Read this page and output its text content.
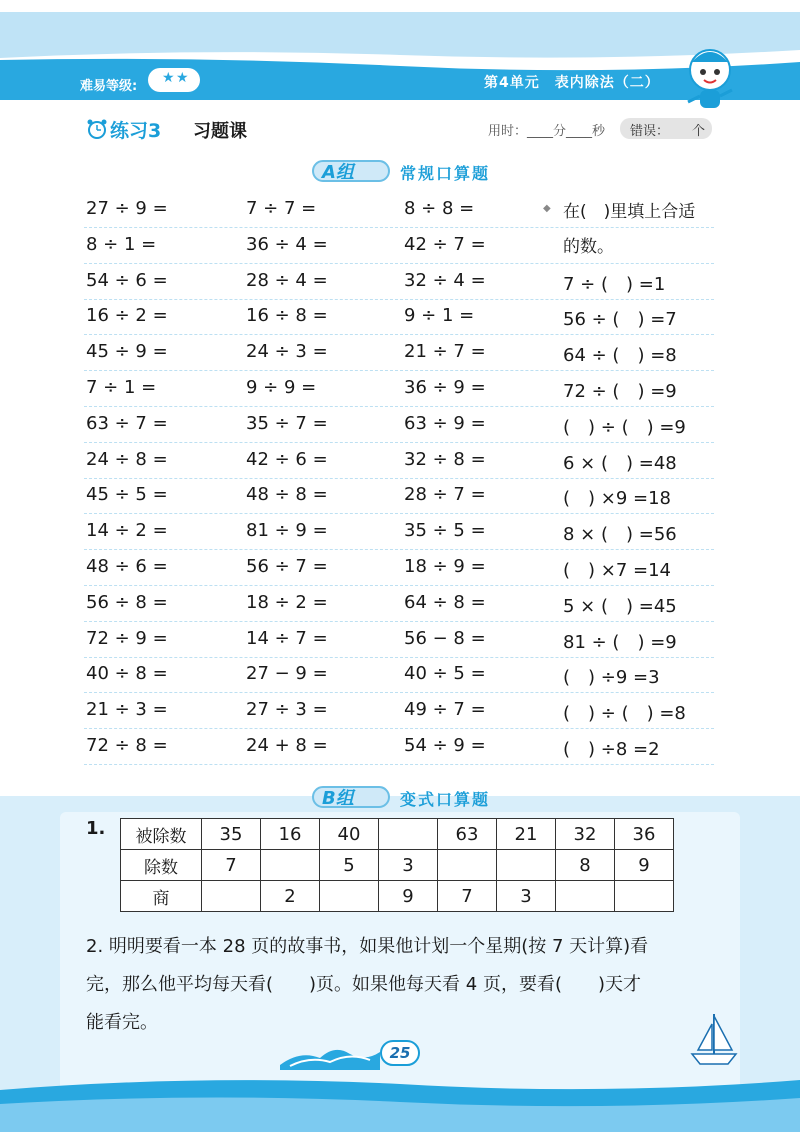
难易等级:
★ ★	第4单元　表内除法（二）
练习3 习题课	用时：____分____秒 错误： 个
A组	常规口算题
27 ÷ 9 =	7 ÷ 7 =	8 ÷ 8 =
8 ÷ 1 =	36 ÷ 4 =	42 ÷ 7 =
54 ÷ 6 =	28 ÷ 4 =	32 ÷ 4 =	7 ÷ (　) =1
16 ÷ 2 =	16 ÷ 8 =	9 ÷ 1 =	56 ÷ (　) =7
45 ÷ 9 =	24 ÷ 3 =	21 ÷ 7 =	64 ÷ (　) =8
7 ÷ 1 =	9 ÷ 9 =	36 ÷ 9 =	72 ÷ (　) =9
63 ÷ 7 =	35 ÷ 7 =	63 ÷ 9 =	(　) ÷ (　) =9
24 ÷ 8 =	42 ÷ 6 =	32 ÷ 8 =	6 × (　) =48
45 ÷ 5 =	48 ÷ 8 =	28 ÷ 7 =	(　) ×9 =18
14 ÷ 2 =	81 ÷ 9 =	35 ÷ 5 =	8 × (　) =56
48 ÷ 6 =	56 ÷ 7 =	18 ÷ 9 =	(　) ×7 =14
56 ÷ 8 =	18 ÷ 2 =	64 ÷ 8 =	5 × (　) =45
72 ÷ 9 =	14 ÷ 7 =	56 − 8 =	81 ÷ (　) =9
40 ÷ 8 =	27 − 9 =	40 ÷ 5 =	(　) ÷9 =3
21 ÷ 3 =	27 ÷ 3 =	49 ÷ 7 =	(　) ÷ (　) =8
72 ÷ 8 =	24 + 8 =	54 ÷ 9 =	(　) ÷8 =2
◆ 在(　)里填上合适
的数。
B组	变式口算题
1. 被除数	35	16	40		63	21	32	36
除数	7		5	3			8	9
商		2		9	7	3		
2. 明明要看一本 28 页的故事书，如果他计划一个星期(按 7 天计算)看
完，那么他平均每天看(　　)页。如果他每天看 4 页，要看(　　)天才
能看完。
25
